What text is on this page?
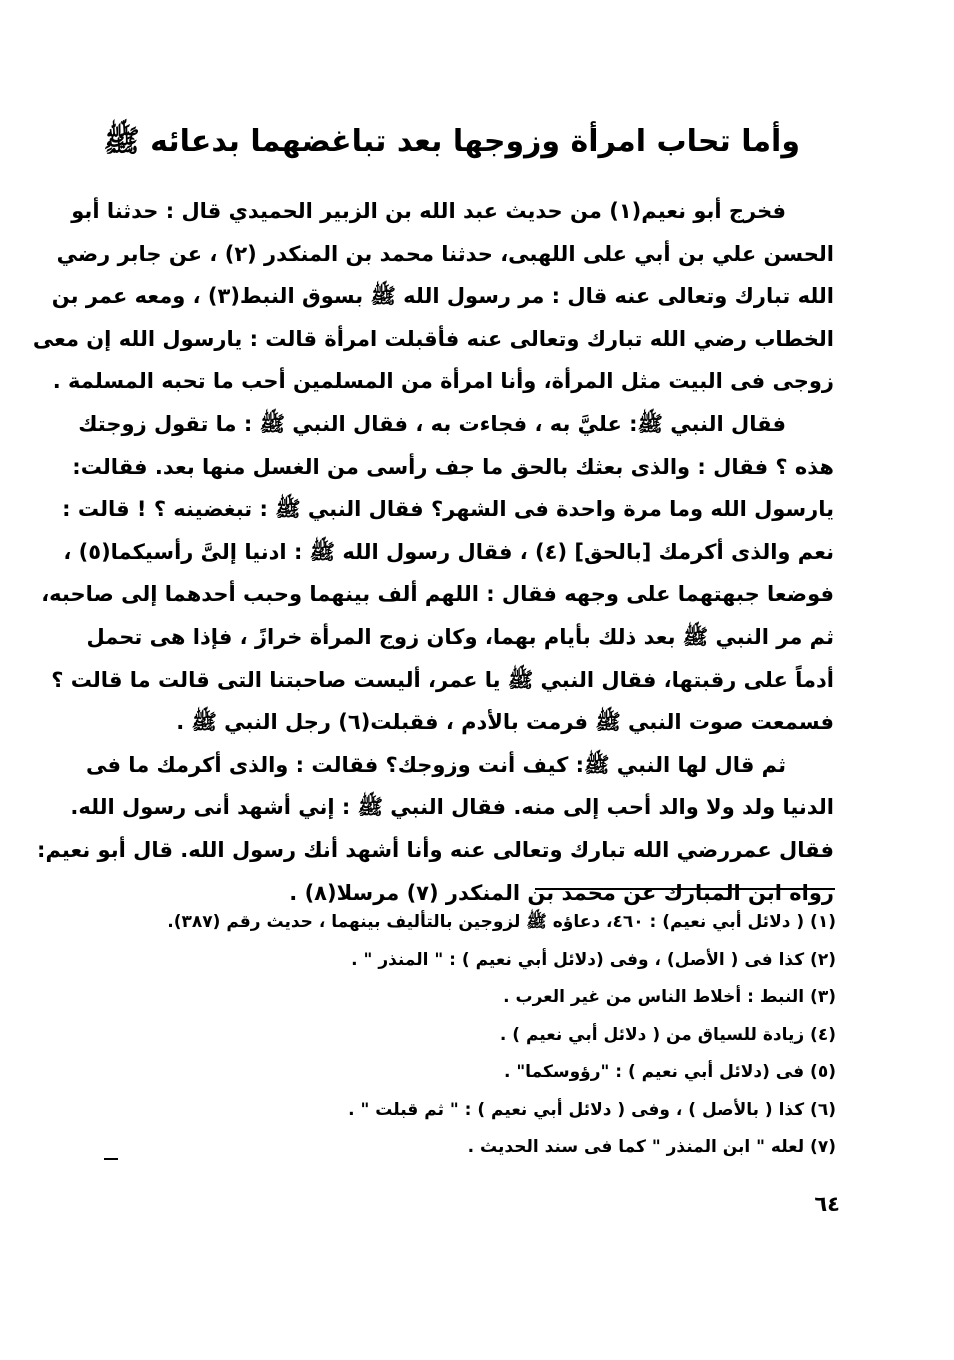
وأما تحاب امرأة وزوجها بعد تباغضهما بدعائه ﷺ
فخرج أبو نعيم(١) من حديث عبد الله بن الزبير الحميدي قال : حدثنا أبو
الحسن علي بن أبي على اللهبى، حدثنا محمد بن المنكدر (٢) ، عن جابر رضي
الله تبارك وتعالى عنه قال : مر رسول الله ﷺ بسوق النبط(٣) ، ومعه عمر بن
الخطاب رضي الله تبارك وتعالى عنه فأقبلت امرأة قالت : يارسول الله إن معى
زوجى فى البيت مثل المرأة، وأنا امرأة من المسلمين أحب ما تحبه المسلمة .
فقال النبي ﷺ: عليَّ به ، فجاءت به ، فقال النبي ﷺ : ما تقول زوجتك
هذه ؟ فقال : والذى بعثك بالحق ما جف رأسى من الغسل منها بعد. فقالت:
يارسول الله وما مرة واحدة فى الشهر؟ فقال النبي ﷺ : تبغضينه ؟ ! قالت :
نعم والذى أكرمك [بالحق] (٤) ، فقال رسول الله ﷺ : ادنيا إلىَّ رأسيكما(٥) ،
فوضعا جبهتهما على وجهه فقال : اللهم ألف بينهما وحبب أحدهما إلى صاحبه،
ثم مر النبي ﷺ بعد ذلك بأيام بهما، وكان زوج المرأة خرازً ، فإذا هى تحمل
أدماً على رقبتها، فقال النبي ﷺ يا عمر، أليست صاحبتنا التى قالت ما قالت ؟
فسمعت صوت النبي ﷺ فرمت بالأدم ، فقبلت(٦) رجل النبي ﷺ .
ثم قال لها النبي ﷺ: كيف أنت وزوجك؟ فقالت : والذى أكرمك ما فى
الدنيا ولد ولا والد أحب إلى منه. فقال النبي ﷺ : إني أشهد أنى رسول الله.
فقال عمررضي الله تبارك وتعالى عنه وأنا أشهد أنك رسول الله. قال أبو نعيم:
رواه ابن المبارك عن محمد بن المنكدر (٧) مرسلا(٨) .
(١) ( دلائل أبي نعيم) : ٤٦٠، دعاؤه ﷺ لزوجين بالتأليف بينهما ، حديث رقم (٣٨٧).
(٢) كذا فى ( الأصل) ، وفى (دلائل أبي نعيم ) : " المنذر " .
(٣) النبط : أخلاط الناس من غير العرب .
(٤) زيادة للسياق من ( دلائل أبي نعيم ) .
(٥) فى (دلائل أبي نعيم ) : "رؤوسكما" .
(٦) كذا ( بالأصل ) ، وفى ( دلائل أبي نعيم ) : " ثم قبلت " .
(٧) لعله " ابن المنذر " كما فى سند الحديث .
٦٤
